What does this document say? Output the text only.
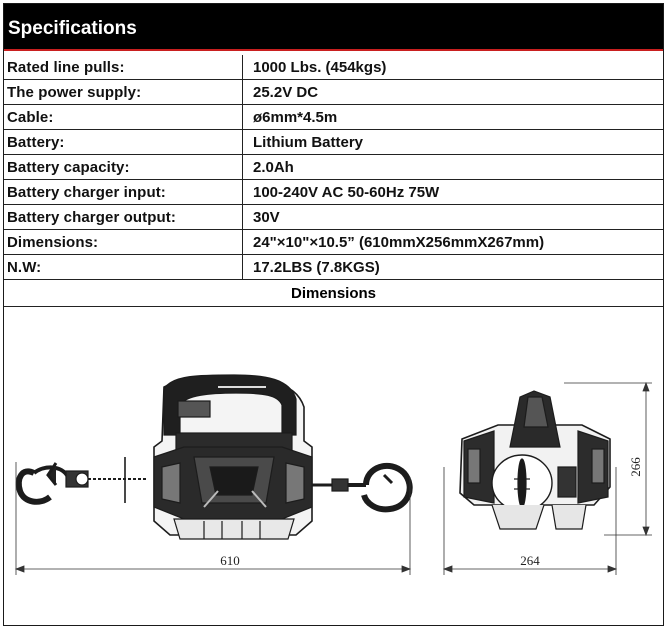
Specifications
Rated line pulls:	1000 Lbs. (454kgs)
The power supply:	25.2V DC
Cable:	ø6mm*4.5m
Battery:	Lithium Battery
Battery capacity:	2.0Ah
Battery charger input:	100-240V AC 50-60Hz 75W
Battery charger output:	30V
Dimensions:	24"×10"×10.5” (610mmX256mmX267mm)
N.W:	17.2LBS (7.8KGS)
Dimensions
610	264
266
